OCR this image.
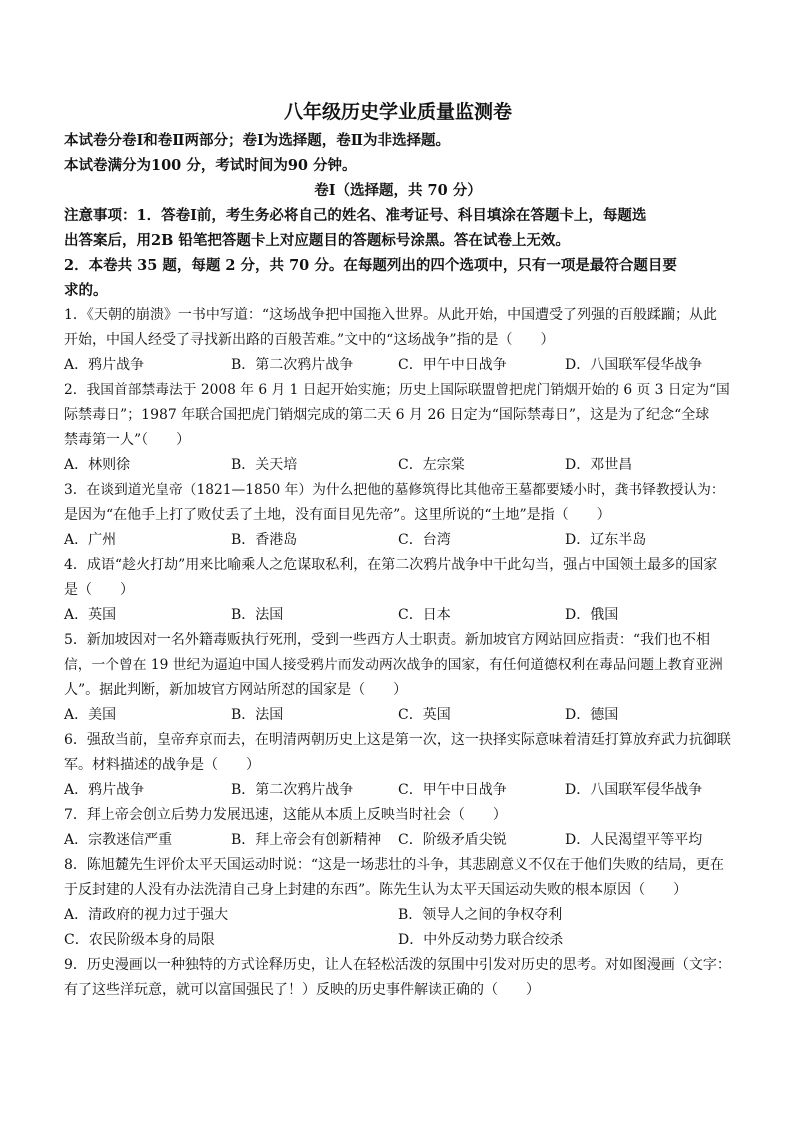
八年级历史学业质量监测卷
本试卷分卷Ⅰ和卷Ⅱ两部分；卷Ⅰ为选择题，卷Ⅱ为非选择题。
本试卷满分为100 分，考试时间为90 分钟。
卷Ⅰ（选择题，共 70 分）
注意事项：1．答卷Ⅰ前，考生务必将自己的姓名、准考证号、科目填涂在答题卡上，每题选
出答案后，用2B 铅笔把答题卡上对应题目的答题标号涂黑。答在试卷上无效。
2．本卷共 35 题，每题 2 分，共 70 分。在每题列出的四个选项中，只有一项是最符合题目要
求的。
1．《天朝的崩溃》一书中写道：“这场战争把中国拖入世界。从此开始，中国遭受了列强的百般蹂躏；从此
开始，中国人经受了寻找新出路的百般苦难。”文中的“这场战争”指的是（　　）
A．鸦片战争	B．第二次鸦片战争	C．甲午中日战争	D．八国联军侵华战争
2．我国首部禁毒法于 2008 年 6 月 1 日起开始实施；历史上国际联盟曾把虎门销烟开始的 6 页 3 日定为“国
际禁毒日”；1987 年联合国把虎门销烟完成的第二天 6 月 26 日定为“国际禁毒日”，这是为了纪念“全球
禁毒第一人”（　　）
A．林则徐	B．关天培	C．左宗棠	D．邓世昌
3．在谈到道光皇帝（1821—1850 年）为什么把他的墓修筑得比其他帝王墓都要矮小时，龚书铎教授认为：
是因为“在他手上打了败仗丢了土地，没有面目见先帝”。这里所说的“土地”是指（　　）
A．广州	B．香港岛	C．台湾	D．辽东半岛
4．成语“趁火打劫”用来比喻乘人之危谋取私利，在第二次鸦片战争中干此勾当，强占中国领土最多的国家
是（　　）
A．英国	B．法国	C．日本	D．俄国
5．新加坡因对一名外籍毒贩执行死刑，受到一些西方人士职责。新加坡官方网站回应指责：“我们也不相
信，一个曾在 19 世纪为逼迫中国人接受鸦片而发动两次战争的国家，有任何道德权利在毒品问题上教育亚洲
人”。据此判断，新加坡官方网站所怼的国家是（　　）
A．美国	B．法国	C．英国	D．德国
6．强敌当前，皇帝弃京而去，在明清两朝历史上这是第一次，这一抉择实际意味着清廷打算放弃武力抗御联
军。材料描述的战争是（　　）
A．鸦片战争	B．第二次鸦片战争	C．甲午中日战争	D．八国联军侵华战争
7．拜上帝会创立后势力发展迅速，这能从本质上反映当时社会（　　）
A．宗教迷信严重	B．拜上帝会有创新精神	C．阶级矛盾尖锐	D．人民渴望平等平均
8．陈旭麓先生评价太平天国运动时说：“这是一场悲壮的斗争，其悲剧意义不仅在于他们失败的结局，更在
于反封建的人没有办法洗清自己身上封建的东西”。陈先生认为太平天国运动失败的根本原因（　　）
A．清政府的视力过于强大	B．领导人之间的争权夺利
C．农民阶级本身的局限	D．中外反动势力联合绞杀
9．历史漫画以一种独特的方式诠释历史，让人在轻松活泼的氛围中引发对历史的思考。对如图漫画（文字：
有了这些洋玩意，就可以富国强民了！）反映的历史事件解读正确的（　　）
